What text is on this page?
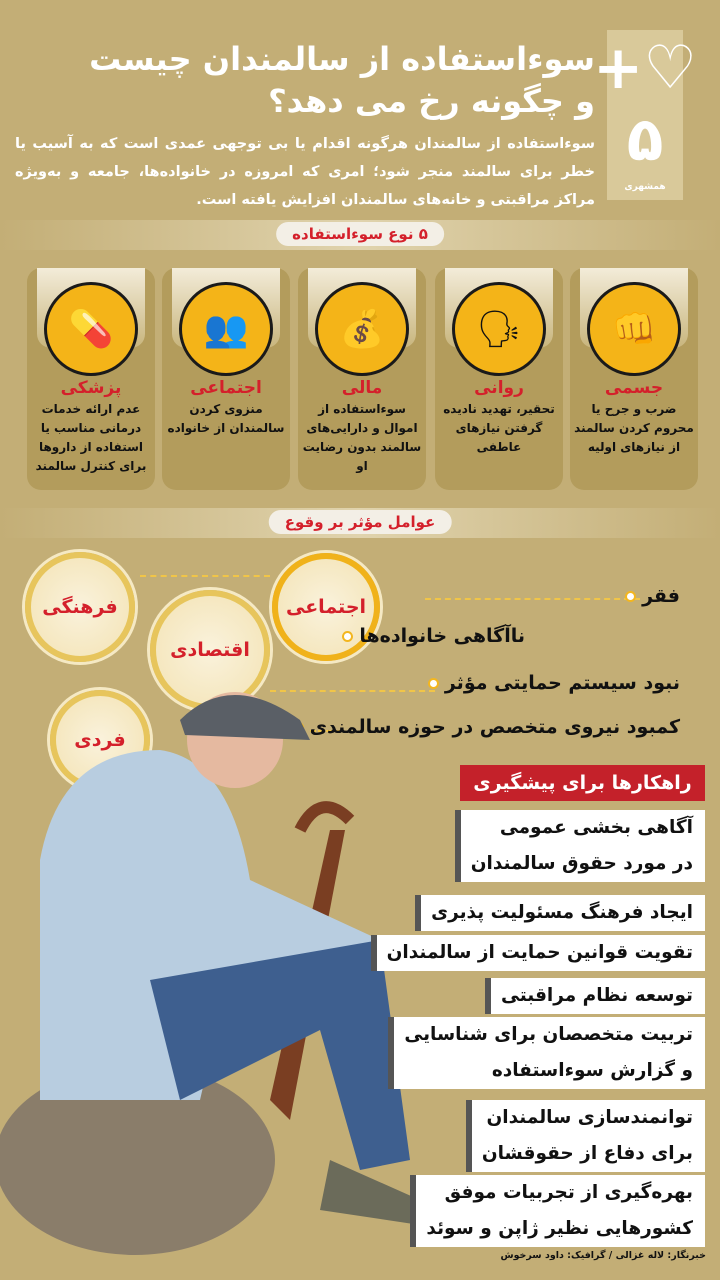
♡+
۵
همشهری
سوءاستفاده از سالمندان چیست
و چگونه رخ می دهد؟
سوءاستفاده از سالمندان هرگونه اقدام یا بی توجهی عمدی است که به آسیب یا خطر برای سالمند منجر شود؛ امری که امروزه در خانواده‌ها، جامعه و به‌ویژه مراکز مراقبتی و خانه‌های سالمندان افزایش یافته است.
۵ نوع سوءاستفاده
👊
جسمی
ضرب و جرح یا محروم کردن سالمند از نیازهای اولیه
🗣
روانی
تحقیر، تهدید نادیده گرفتن نیازهای عاطفی
💰
مالی
سوءاستفاده از اموال و دارایی‌های سالمند بدون رضایت او
👥
اجتماعی
منزوی کردن سالمندان از خانواده
💊
پزشکی
عدم ارائه خدمات درمانی مناسب یا استفاده از داروها برای کنترل سالمند
عوامل مؤثر بر وقوع
فرهنگی
اقتصادی
اجتماعی
فردی
فقر
ناآگاهی خانواده‌ها
نبود سیستم حمایتی مؤثر
کمبود نیروی متخصص در حوزه سالمندی
راهکارها برای پیشگیری
آگاهی بخشی عمومی
در مورد حقوق سالمندان
ایجاد فرهنگ مسئولیت پذیری
تقویت قوانین حمایت از سالمندان
توسعه نظام مراقبتی
تربیت متخصصان برای شناسایی
و گزارش سوءاستفاده
توانمندسازی سالمندان
برای دفاع از حقوقشان
بهره‌گیری از تجربیات موفق
کشورهایی نظیر ژاپن و سوئد
خبرنگار: لاله غزالی / گرافیک: داود سرخوش
